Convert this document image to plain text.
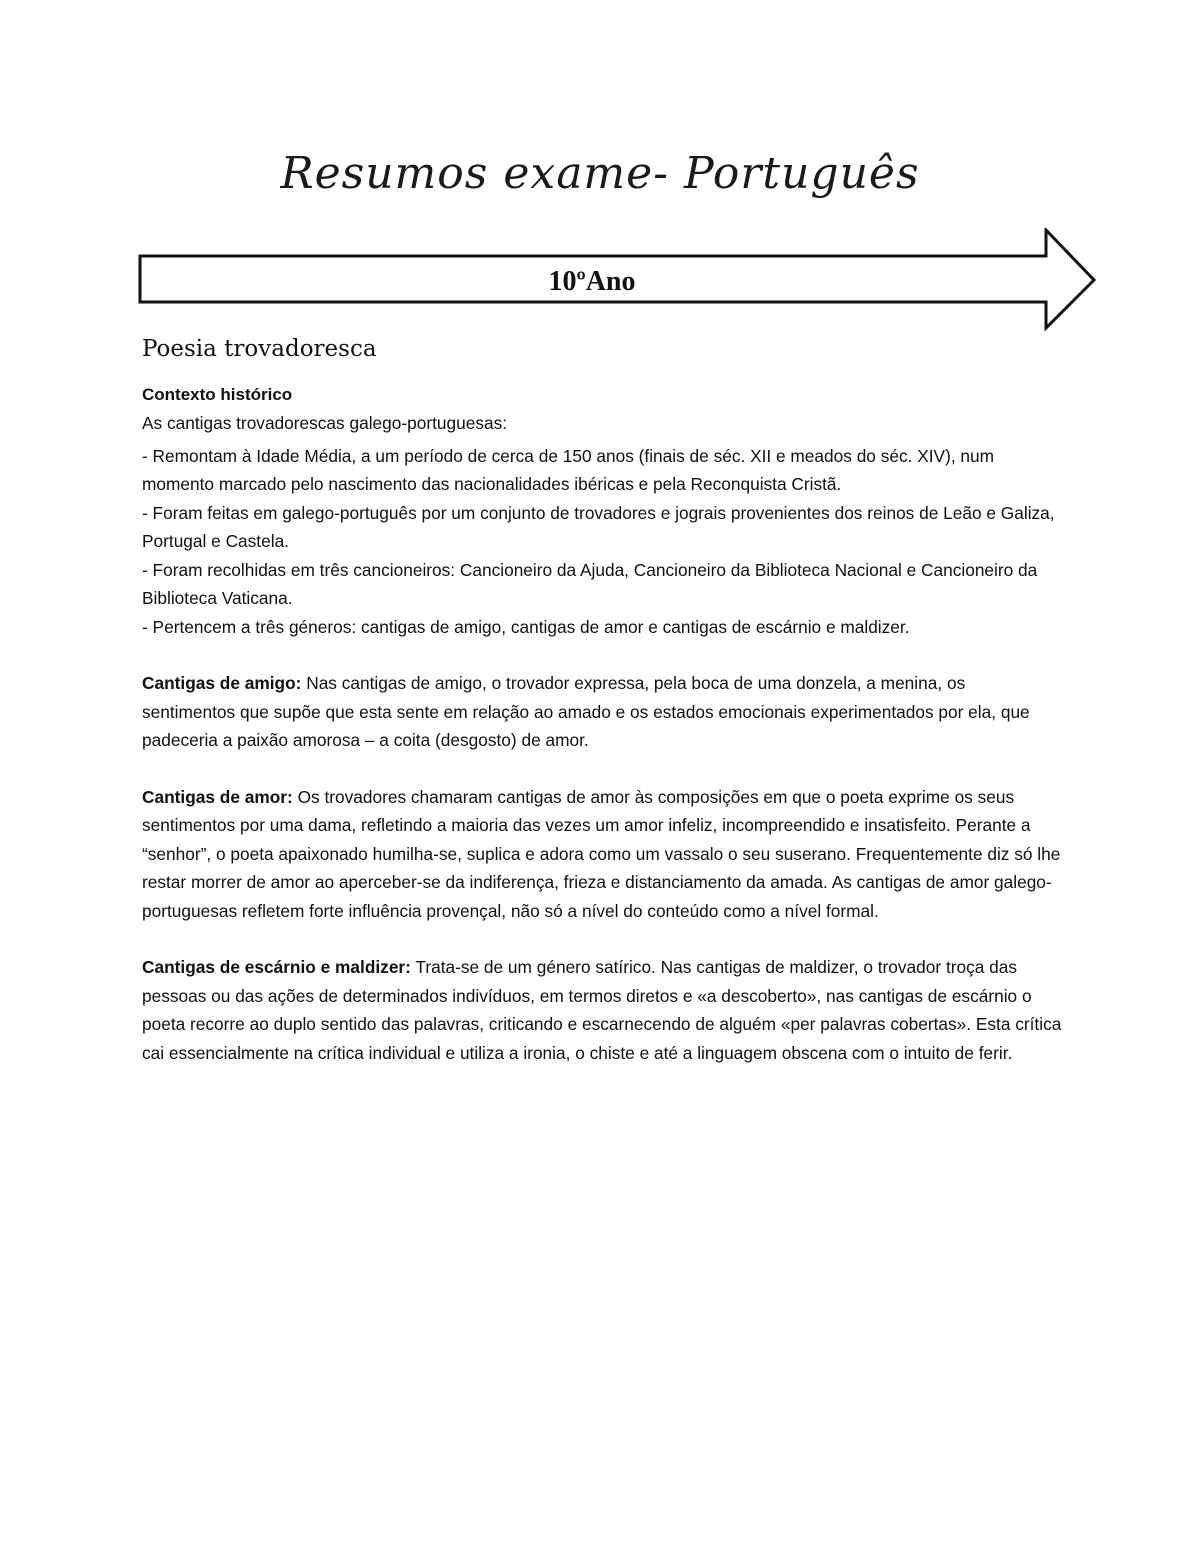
Resumos exame- Português
10ºAno
Poesia trovadoresca

Contexto histórico

As cantigas trovadorescas galego-portuguesas:

- Remontam à Idade Média, a um período de cerca de 150 anos (finais de séc. XII e meados do séc. XIV), num momento marcado pelo nascimento das nacionalidades ibéricas e pela Reconquista Cristã.

- Foram feitas em galego-português por um conjunto de trovadores e jograis provenientes dos reinos de Leão e Galiza, Portugal e Castela.

- Foram recolhidas em três cancioneiros: Cancioneiro da Ajuda, Cancioneiro da Biblioteca Nacional e Cancioneiro da Biblioteca Vaticana.

- Pertencem a três géneros: cantigas de amigo, cantigas de amor e cantigas de escárnio e maldizer.

Cantigas de amigo: Nas cantigas de amigo, o trovador expressa, pela boca de uma donzela, a menina, os sentimentos que supõe que esta sente em relação ao amado e os estados emocionais experimentados por ela, que padeceria a paixão amorosa – a coita (desgosto) de amor.

Cantigas de amor: Os trovadores chamaram cantigas de amor às composições em que o poeta exprime os seus sentimentos por uma dama, refletindo a maioria das vezes um amor infeliz, incompreendido e insatisfeito. Perante a “senhor”, o poeta apaixonado humilha-se, suplica e adora como um vassalo o seu suserano. Frequentemente diz só lhe restar morrer de amor ao aperceber-se da indiferença, frieza e distanciamento da amada. As cantigas de amor galego-portuguesas refletem forte influência provençal, não só a nível do conteúdo como a nível formal.

Cantigas de escárnio e maldizer: Trata-se de um género satírico. Nas cantigas de maldizer, o trovador troça das pessoas ou das ações de determinados indivíduos, em termos diretos e «a descoberto», nas cantigas de escárnio o poeta recorre ao duplo sentido das palavras, criticando e escarnecendo de alguém «per palavras cobertas». Esta crítica cai essencialmente na crítica individual e utiliza a ironia, o chiste e até a linguagem obscena com o intuito de ferir.
